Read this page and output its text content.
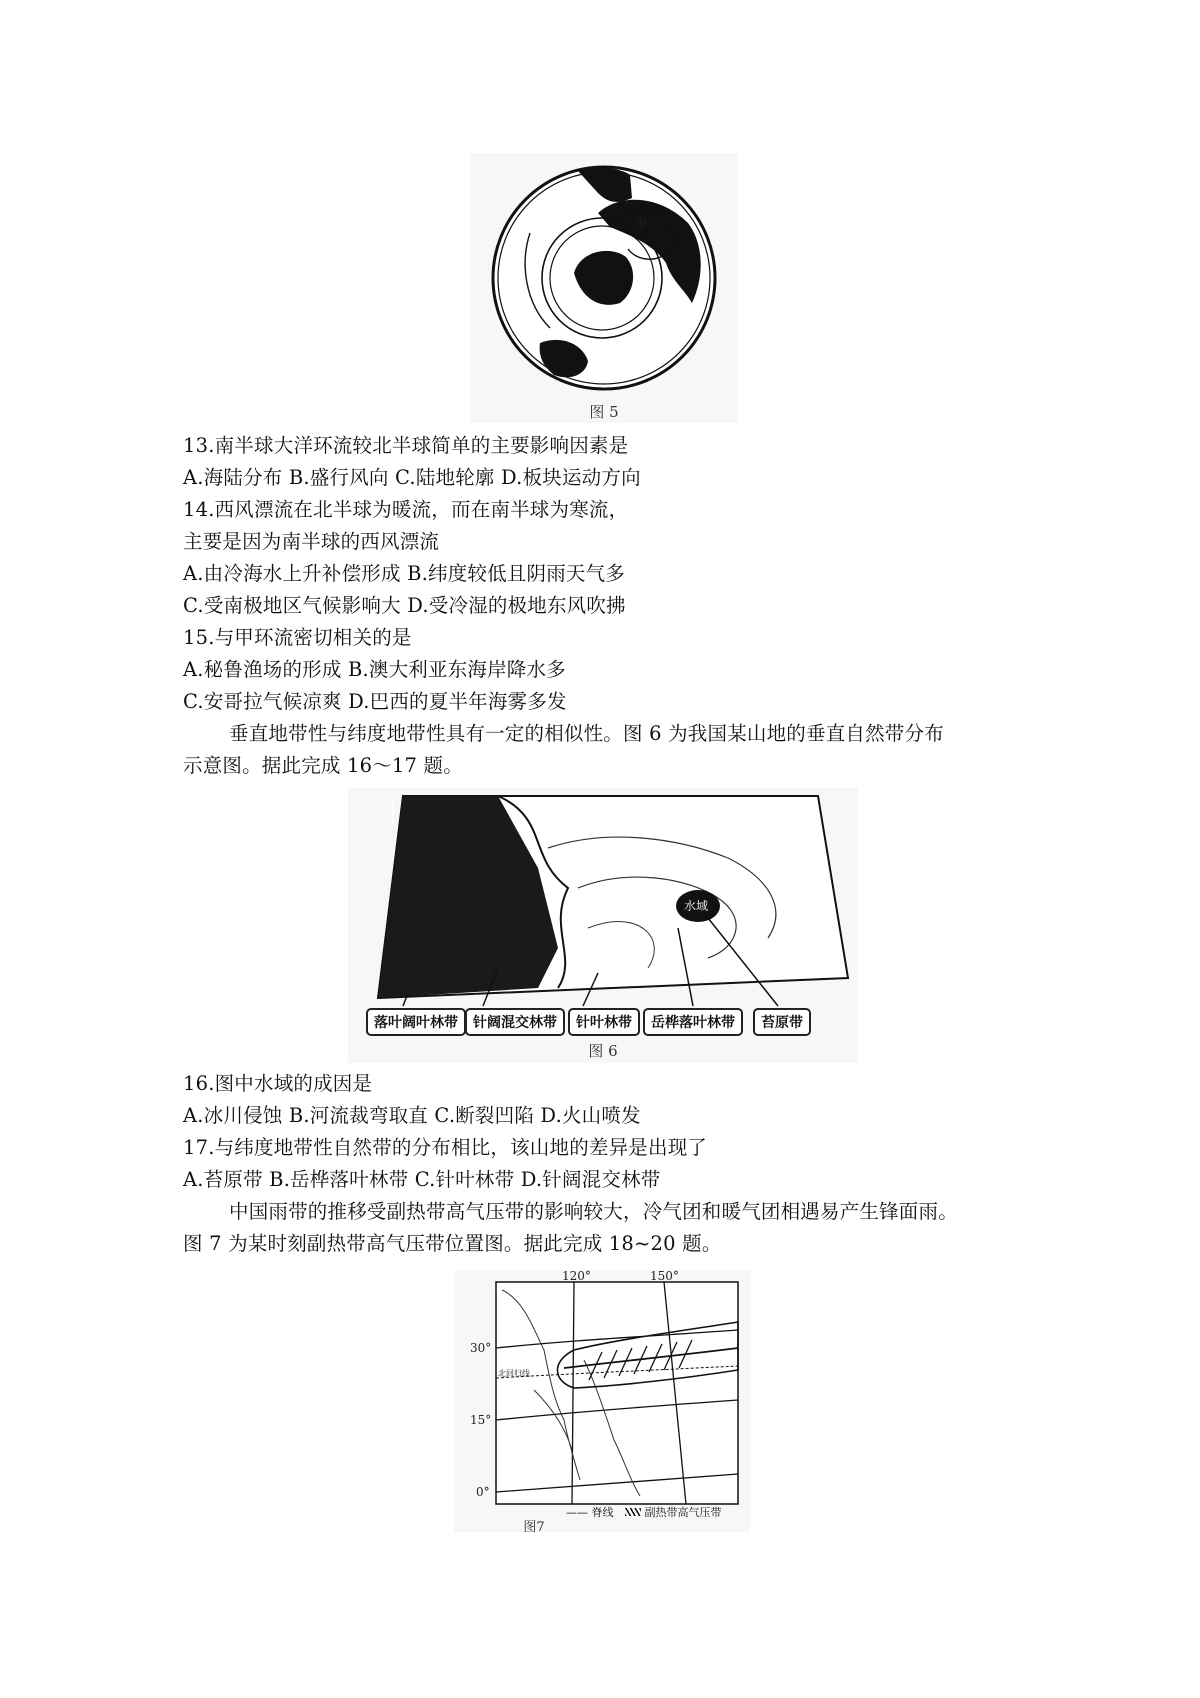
甲
图 5
13.南半球大洋环流较北半球简单的主要影响因素是
A.海陆分布 B.盛行风向 C.陆地轮廓 D.板块运动方向
14.西风漂流在北半球为暖流，而在南半球为寒流，
主要是因为南半球的西风漂流
A.由冷海水上升补偿形成 B.纬度较低且阴雨天气多
C.受南极地区气候影响大 D.受冷湿的极地东风吹拂
15.与甲环流密切相关的是
A.秘鲁渔场的形成 B.澳大利亚东海岸降水多
C.安哥拉气候凉爽 D.巴西的夏半年海雾多发
垂直地带性与纬度地带性具有一定的相似性。图 6 为我国某山地的垂直自然带分布
示意图。据此完成 16～17 题。
水域
落叶阔叶林带	针阔混交林带	针叶林带	岳桦落叶林带	苔原带
图 6
16.图中水域的成因是
A.冰川侵蚀 B.河流裁弯取直 C.断裂凹陷 D.火山喷发
17.与纬度地带性自然带的分布相比，该山地的差异是出现了
A.苔原带 B.岳桦落叶林带 C.针叶林带 D.针阔混交林带
中国雨带的推移受副热带高气压带的影响较大，冷气团和暖气团相遇易产生锋面雨。
图 7 为某时刻副热带高气压带位置图。据此完成 18~20 题。
120°	150°
30°
15°
0°
北回归线
—— 脊线	副热带高气压带
图7
